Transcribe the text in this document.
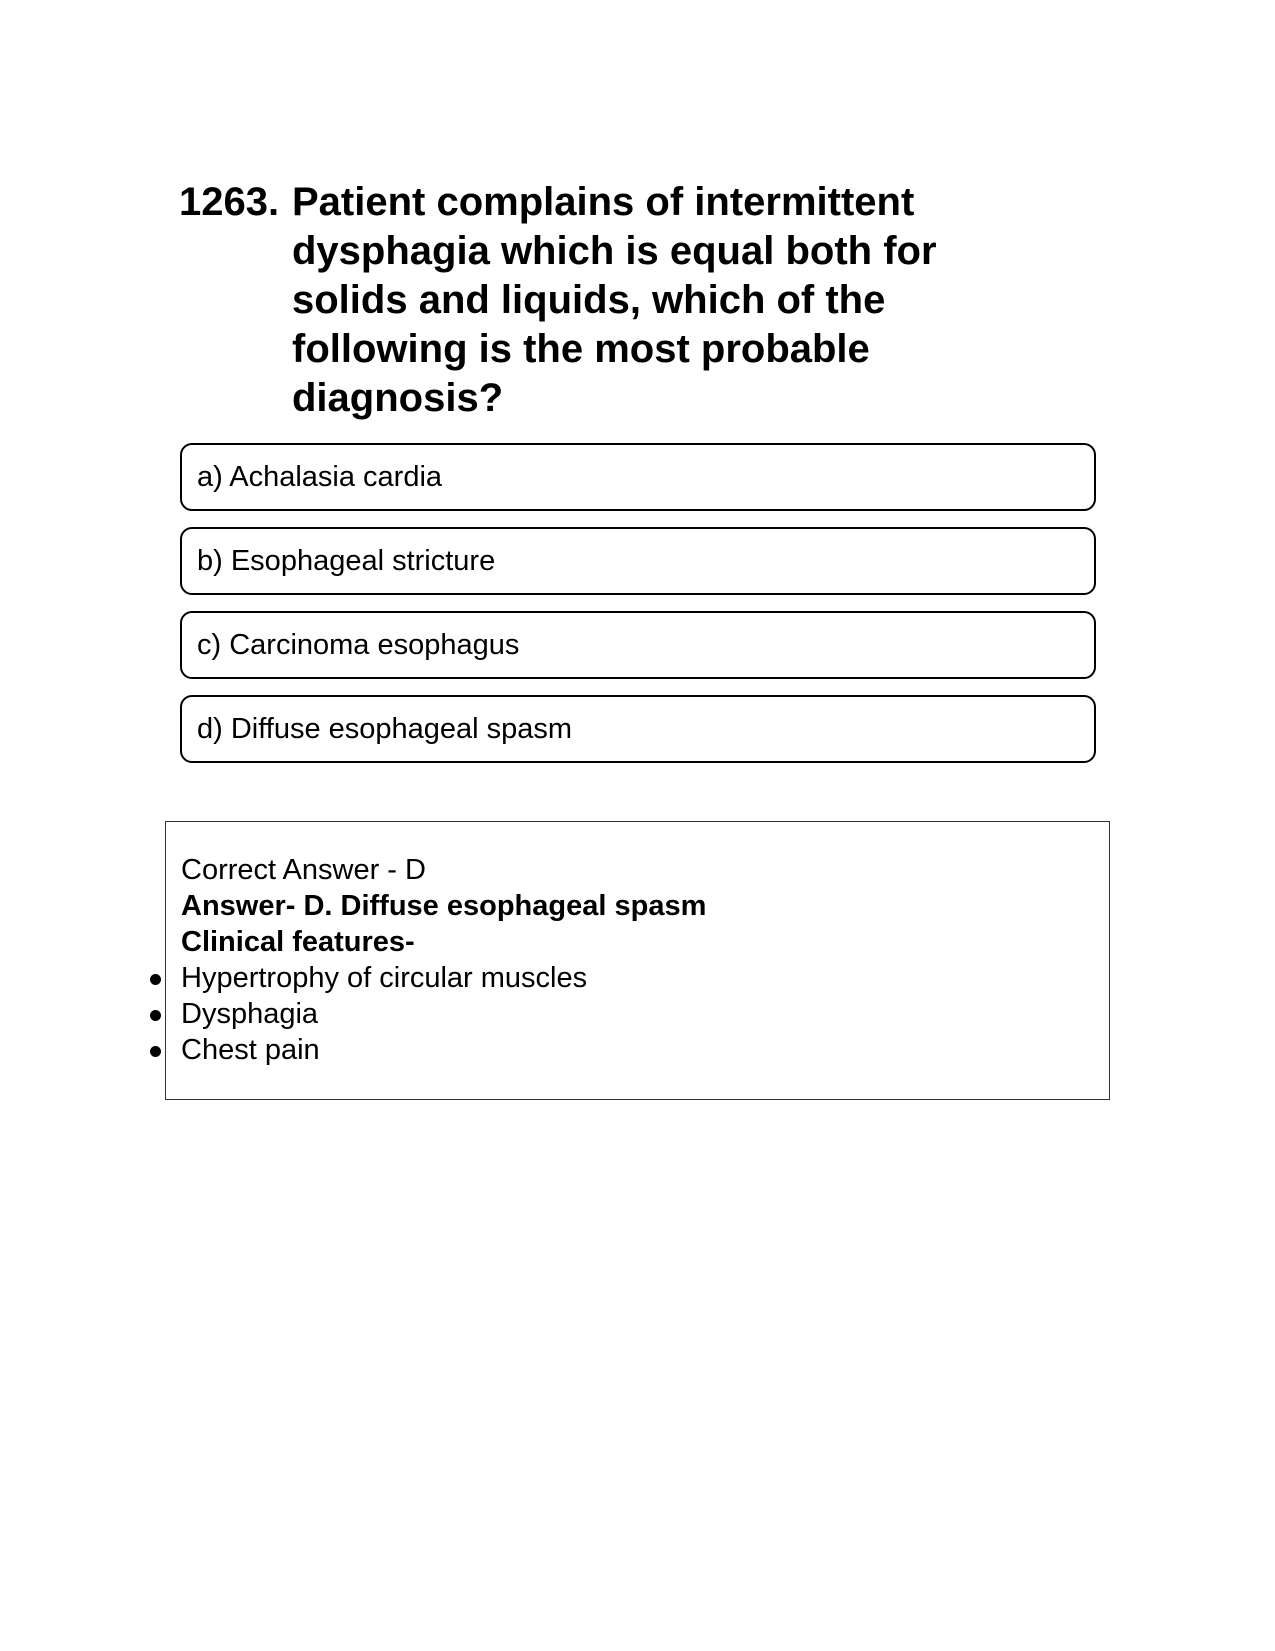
1263. Patient complains of intermittent dysphagia which is equal both for solids and liquids, which of the following is the most probable diagnosis?
a) Achalasia cardia
b) Esophageal stricture
c) Carcinoma esophagus
d) Diffuse esophageal spasm
Correct Answer - D
Answer- D. Diffuse esophageal spasm
Clinical features-
Hypertrophy of circular muscles
Dysphagia
Chest pain
